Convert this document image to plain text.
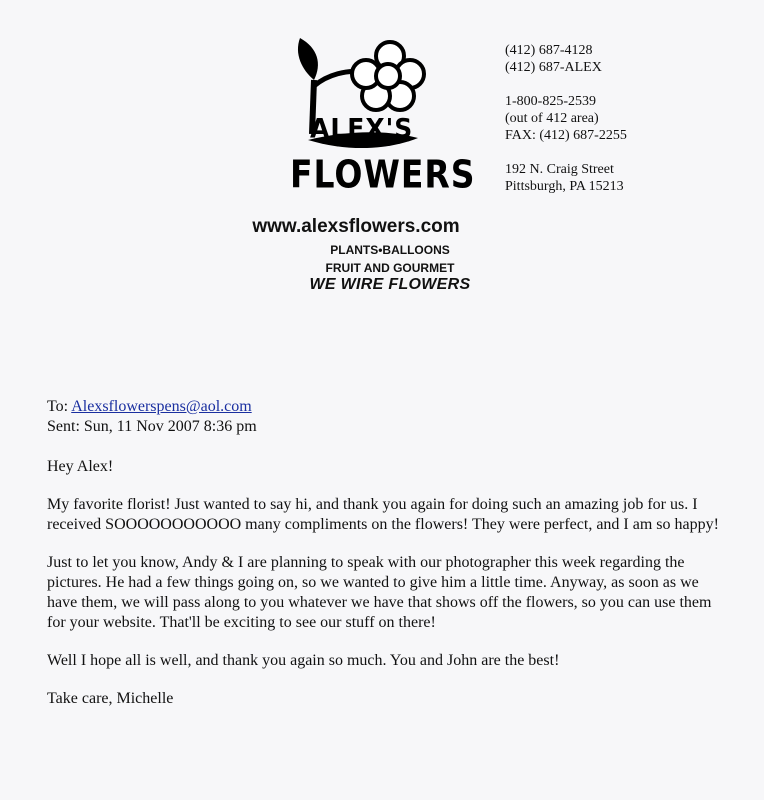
ALEX'S
FLOWERS
(412) 687-4128
(412) 687-ALEX
1-800-825-2539
(out of 412 area)
FAX: (412) 687-2255
192 N. Craig Street
Pittsburgh, PA 15213
www.alexsflowers.com
PLANTS•BALLOONS
FRUIT AND GOURMET
WE WIRE FLOWERS

To: Alexsflowerspens@aol.com

Sent: Sun, 11 Nov 2007 8:36 pm

Hey Alex!

My favorite florist! Just wanted to say hi, and thank you again for doing such an amazing job for us. I received SOOOOOOOOOOO many compliments on the flowers! They were perfect, and I am so happy!

Just to let you know, Andy & I are planning to speak with our photographer this week regarding the pictures. He had a few things going on, so we wanted to give him a little time. Anyway, as soon as we have them, we will pass along to you whatever we have that shows off the flowers, so you can use them for your website. That'll be exciting to see our stuff on there!

Well I hope all is well, and thank you again so much. You and John are the best!

Take care, Michelle
